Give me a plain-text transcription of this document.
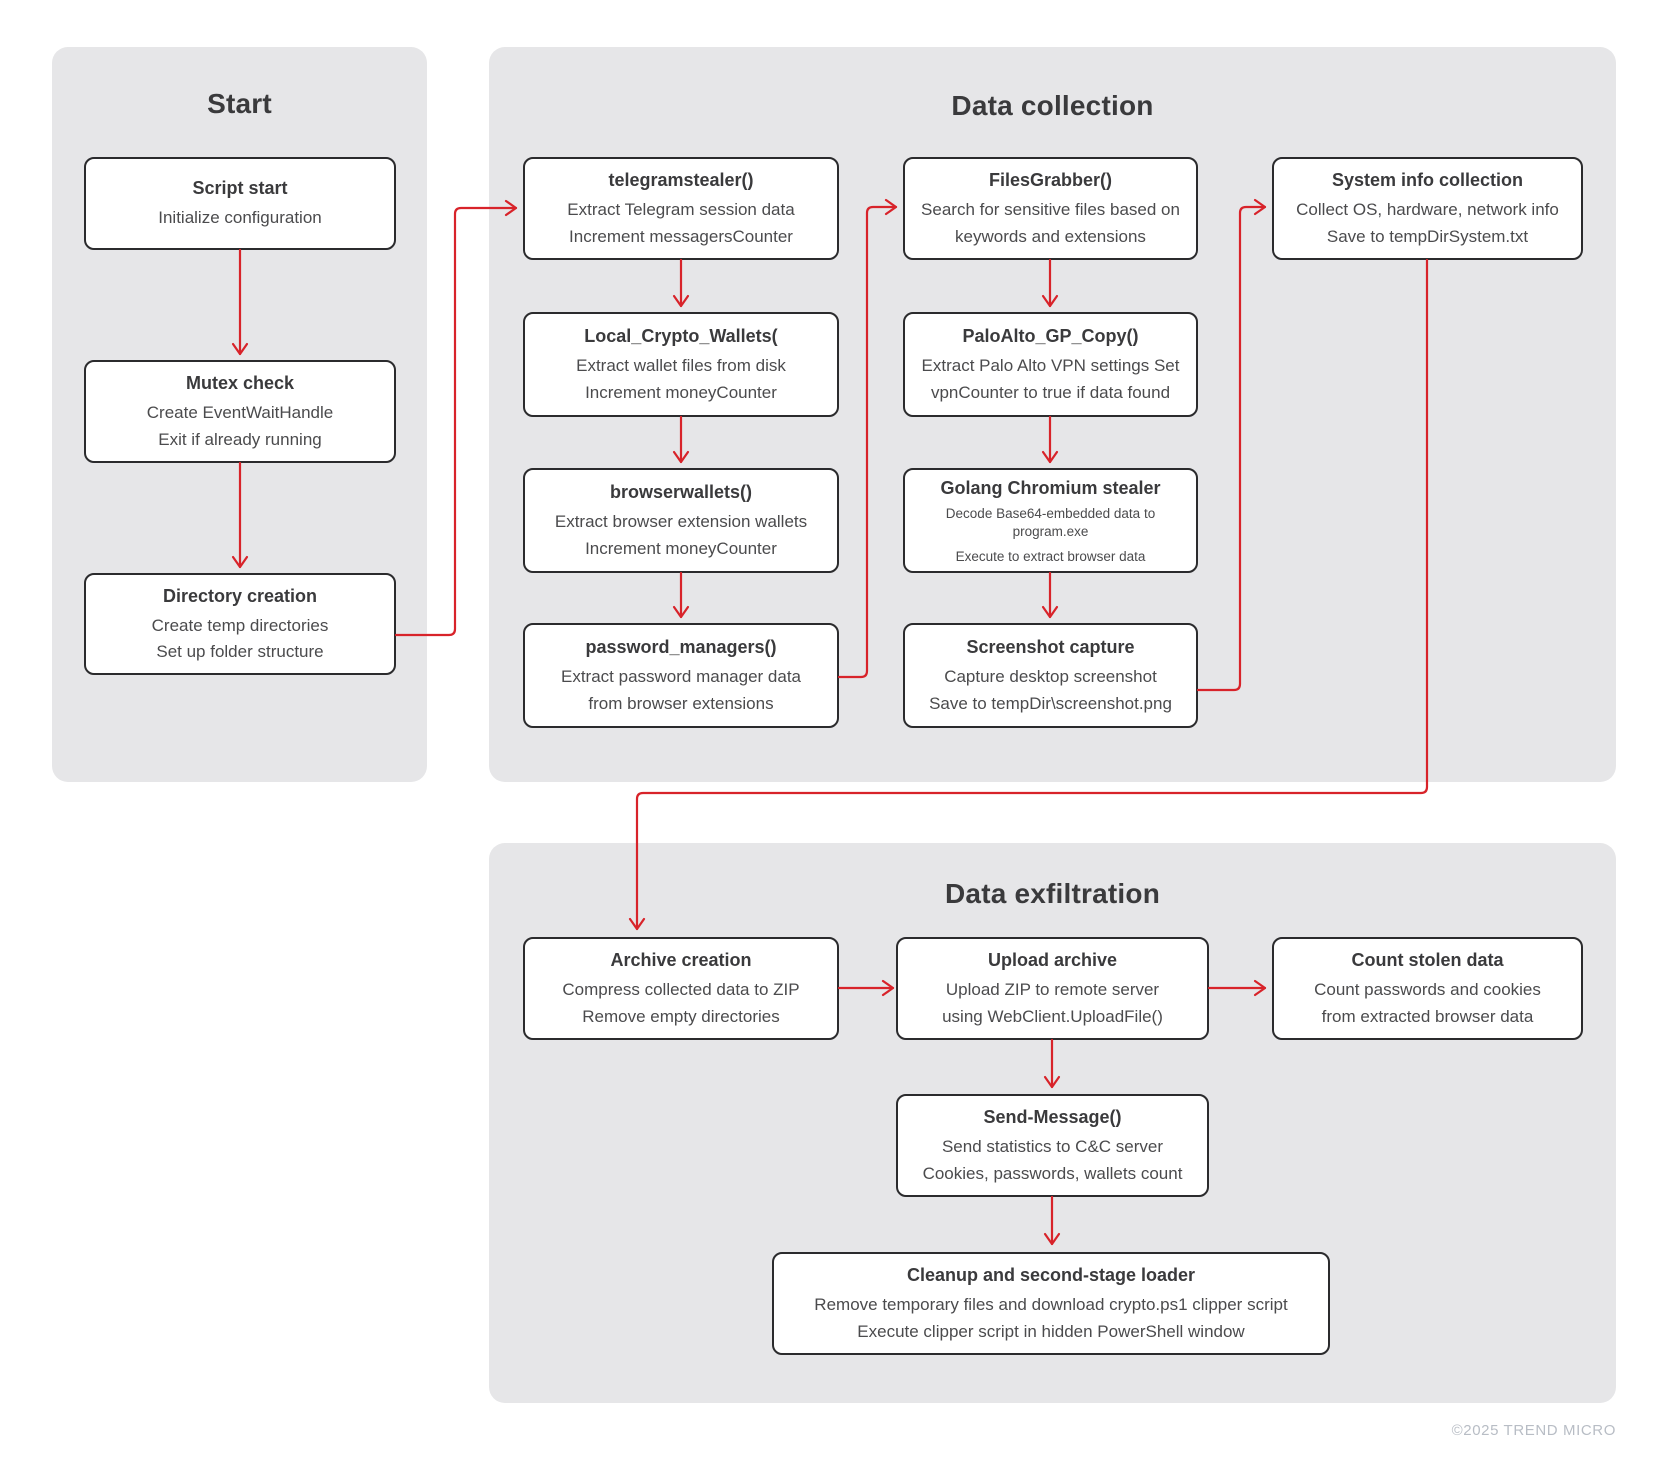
Start	Data collection
Data exfiltration
Script start
Initialize configuration
Mutex check
Create EventWaitHandle
Exit if already running
Directory creation
Create temp directories
Set up folder structure
telegramstealer()
Extract Telegram session data
Increment messagersCounter
Local_Crypto_Wallets(
Extract wallet files from disk
Increment moneyCounter
browserwallets()
Extract browser extension wallets
Increment moneyCounter
password_managers()
Extract password manager data
from browser extensions
FilesGrabber()
Search for sensitive files based on
keywords and extensions
PaloAlto_GP_Copy()
Extract Palo Alto VPN settings Set
vpnCounter to true if data found
Golang Chromium stealer
Decode Base64-embedded data to program.exe
Execute to extract browser data
Screenshot capture
Capture desktop screenshot
Save to tempDir\screenshot.png
System info collection
Collect OS, hardware, network info
Save to tempDirSystem.txt
Archive creation
Compress collected data to ZIP
Remove empty directories
Upload archive
Upload ZIP to remote server
using WebClient.UploadFile()
Count stolen data
Count passwords and cookies
from extracted browser data
Send-Message()
Send statistics to C&C server
Cookies, passwords, wallets count
Cleanup and second-stage loader
Remove temporary files and download crypto.ps1 clipper script
Execute clipper script in hidden PowerShell window
©2025 TREND MICRO
